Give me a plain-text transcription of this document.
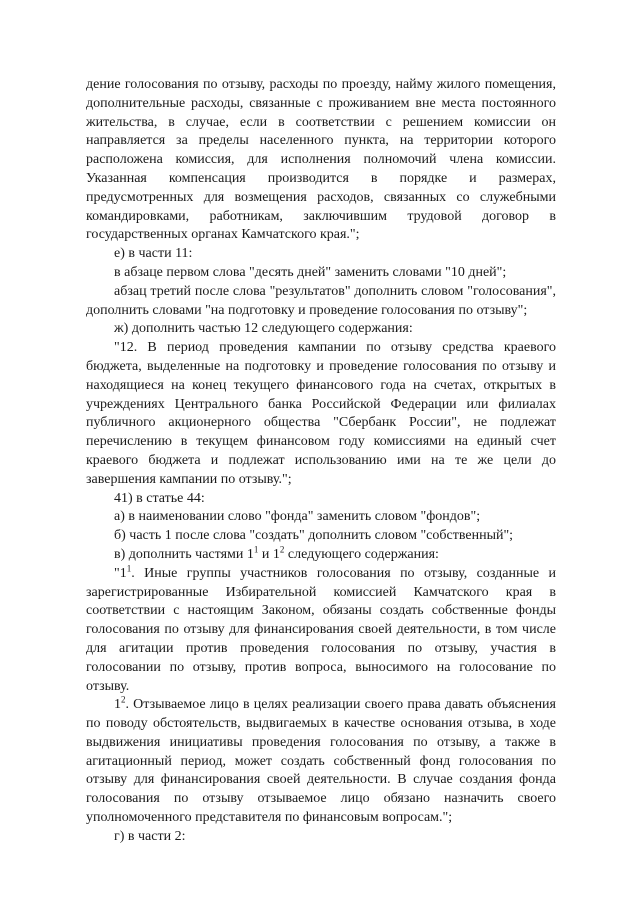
дение голосования по отзыву, расходы по проезду, найму жилого помещения, дополнительные расходы, связанные с проживанием вне места постоянного жительства, в случае, если в соответствии с решением комиссии он направляется за пределы населенного пункта, на территории которого расположена комиссия, для исполнения полномочий члена комиссии. Указанная компенсация производится в порядке и размерах, предусмотренных для возмещения расходов, связанных со служебными командировками, работникам, заключившим трудовой договор в государственных органах Камчатского края.";

е) в части 11:

в абзаце первом слова "десять дней" заменить словами "10 дней";

абзац третий после слова "результатов" дополнить словом "голосования", дополнить словами "на подготовку и проведение голосования по отзыву";

ж) дополнить частью 12 следующего содержания:

"12. В период проведения кампании по отзыву средства краевого бюджета, выделенные на подготовку и проведение голосования по отзыву и находящиеся на конец текущего финансового года на счетах, открытых в учреждениях Центрального банка Российской Федерации или филиалах публичного акционерного общества "Сбербанк России", не подлежат перечислению в текущем финансовом году комиссиями на единый счет краевого бюджета и подлежат использованию ими на те же цели до завершения кампании по отзыву.";

41) в статье 44:

а) в наименовании слово "фонда" заменить словом "фондов";

б) часть 1 после слова "создать" дополнить словом "собственный";

в) дополнить частями $1^1$ и $1^2$ следующего содержания:

"$1^1$. Иные группы участников голосования по отзыву, созданные и зарегистрированные Избирательной комиссией Камчатского края в соответствии с настоящим Законом, обязаны создать собственные фонды голосования по отзыву для финансирования своей деятельности, в том числе для агитации против проведения голосования по отзыву, участия в голосовании по отзыву, против вопроса, выносимого на голосование по отзыву.

$1^2$. Отзываемое лицо в целях реализации своего права давать объяснения по поводу обстоятельств, выдвигаемых в качестве основания отзыва, в ходе выдвижения инициативы проведения голосования по отзыву, а также в агитационный период, может создать собственный фонд голосования по отзыву для финансирования своей деятельности. В случае создания фонда голосования по отзыву отзываемое лицо обязано назначить своего уполномоченного представителя по финансовым вопросам.";

г) в части 2:
